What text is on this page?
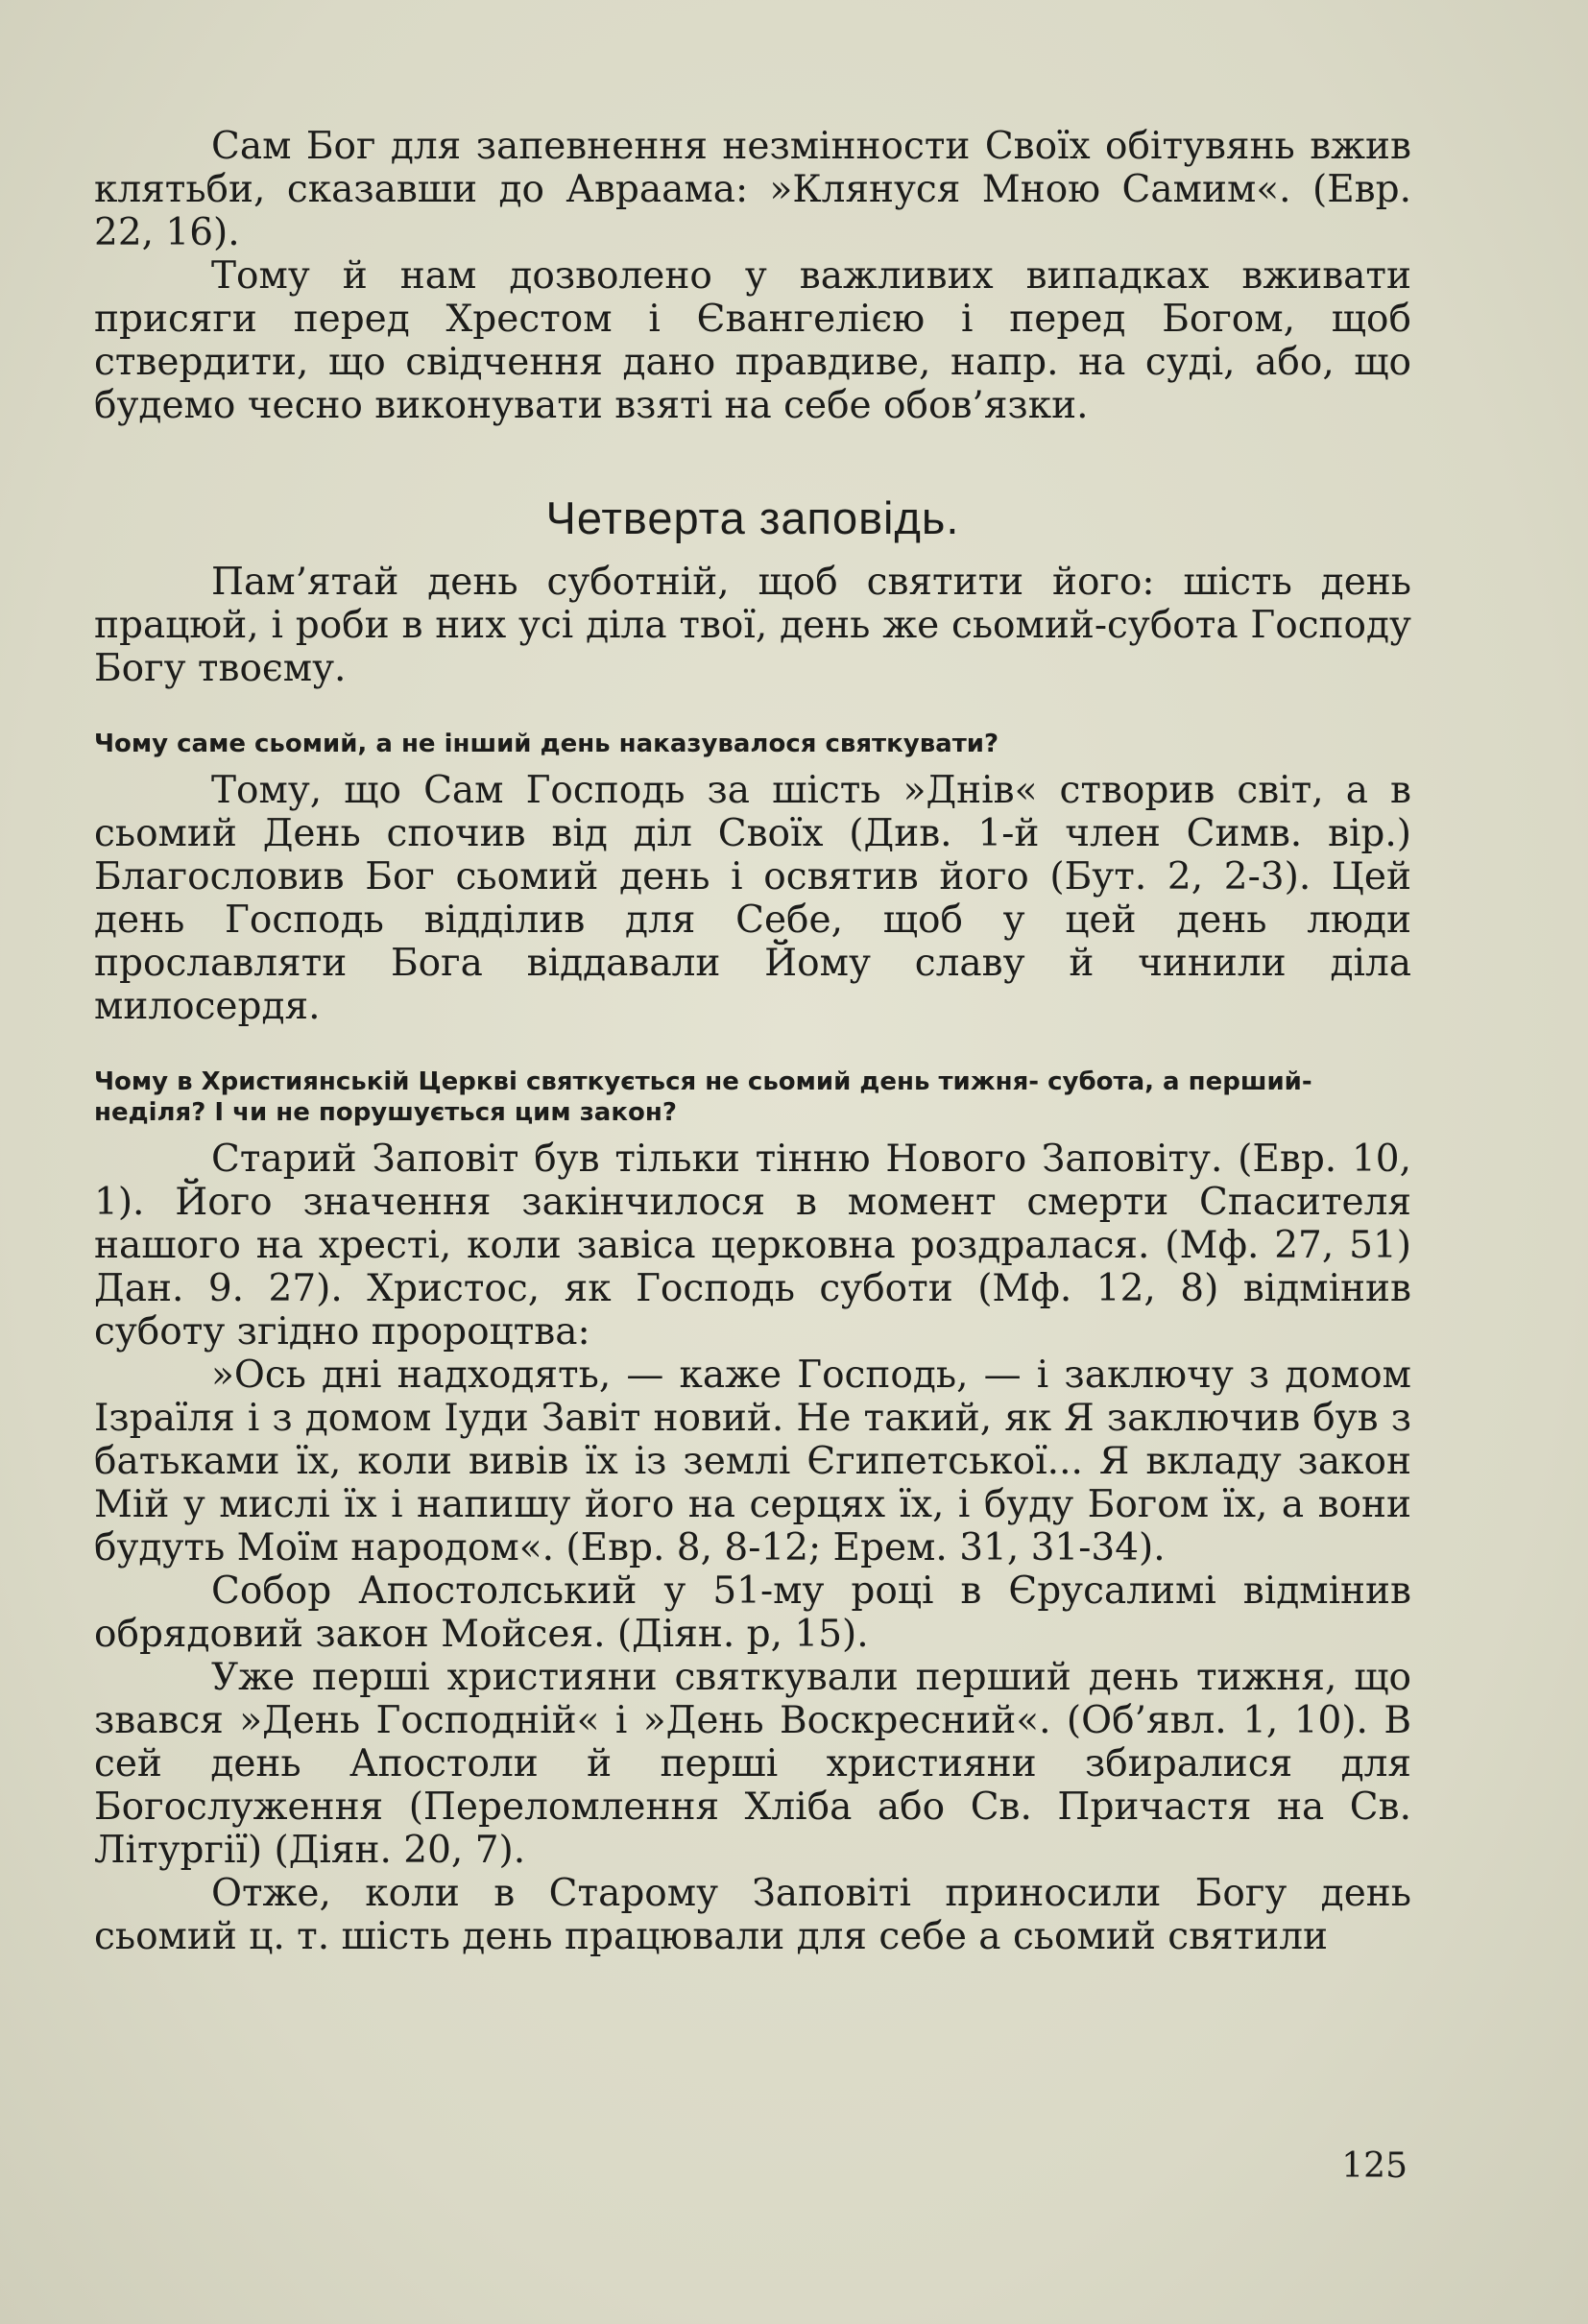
Сам Бог для запевнення незмінности Своїх обітувянь вжив клятьби, сказавши до Авраама: »Клянуся Мною Самим«. (Евр. 22, 16).

Тому й нам дозволено у важливих випадках вживати присяги перед Хрестом і Євангелією і перед Богом, щоб ствердити, що свідчення дано правдиве, напр. на суді, або, що будемо чесно виконувати взяті на себе обов’язки.

Четверта заповідь.

Пам’ятай день суботній, щоб святити його: шість день працюй, і роби в них усі діла твої, день же сьомий-субота Господу Богу твоєму.

Чому саме сьомий, а не інший день наказувалося святкувати?

Тому, що Сам Господь за шість »Днів« створив світ, а в сьомий День спочив від діл Своїх (Див. 1-й член Симв. вір.) Благословив Бог сьомий день і освятив його (Бут. 2, 2-3). Цей день Господь відділив для Себе, щоб у цей день люди прославляти Бога віддавали Йому славу й чинили діла милосердя.

Чому в Християнській Церкві святкується не сьомий день тижня- субота, а перший- неділя? І чи не порушується цим закон?

Старий Заповіт був тільки тінню Нового Заповіту. (Евр. 10, 1). Його значення закінчилося в момент смерти Спасителя нашого на хресті, коли завіса церковна роздралася. (Мф. 27, 51) Дан. 9. 27). Христос, як Господь суботи (Мф. 12, 8) відмінив суботу згідно пророцтва:

»Ось дні надходять, — каже Господь, — і заключу з домом Ізраїля і з домом Іуди Завіт новий. Не такий, як Я заключив був з батьками їх, коли вивів їх із землі Єгипетської... Я вкладу закон Мій у мислі їх і напишу його на серцях їх, і буду Богом їх, а вони будуть Моїм народом«. (Евр. 8, 8-12; Ерем. 31, 31-34).

Собор Апостолський у 51-му році в Єрусалимі відмінив обрядовий закон Мойсея. (Діян. p, 15).

Уже перші християни святкували перший день тижня, що звався »День Господній« і »День Воскресний«. (Об’явл. 1, 10). В сей день Апостоли й перші християни збиралися для Богослуження (Переломлення Хліба або Св. Причастя на Св. Літургії) (Діян. 20, 7).

Отже, коли в Старому Заповіті приносили Богу день сьомий ц. т. шість день працювали для себе а сьомий святили

125
